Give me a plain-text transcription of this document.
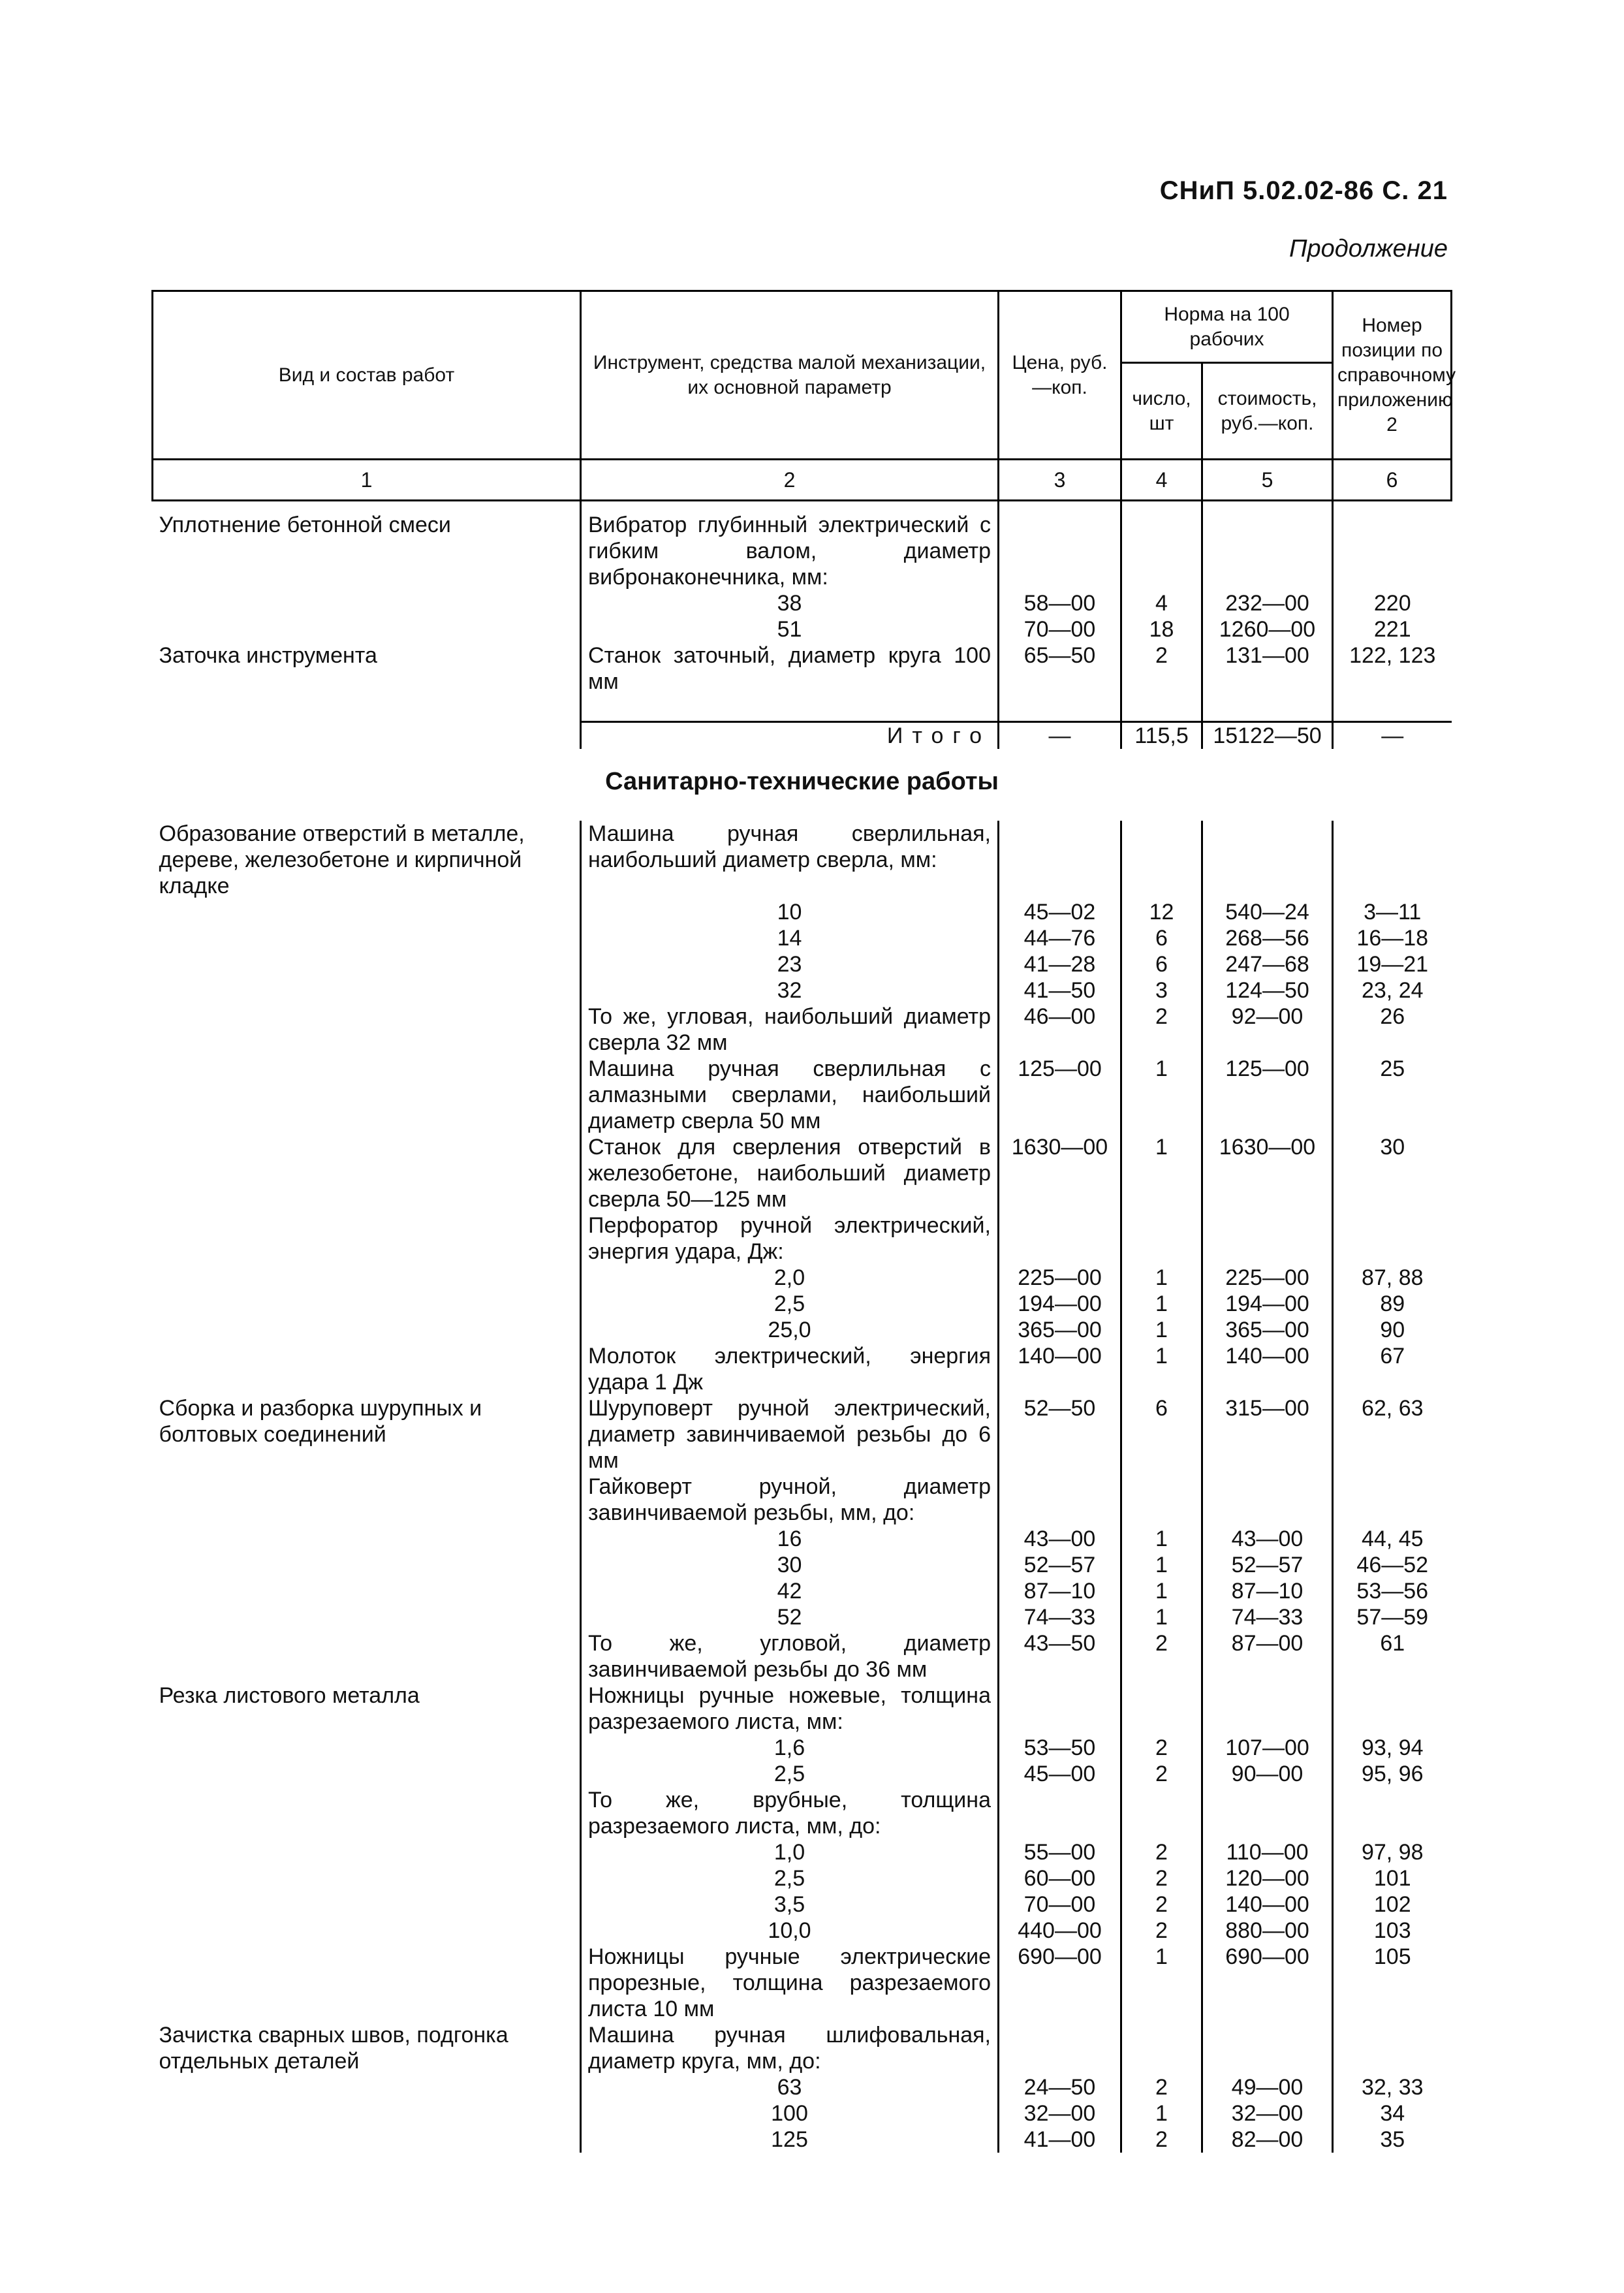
СНиП 5.02.02-86 С. 21
Продолжение
Вид и состав работ	Инструмент, средства малой механизации, их основной параметр	Цена, руб.—коп.	Норма на 100 рабочих		Номер позиции по справочному приложению 2
			число, шт	стоимость, руб.—коп.	
1	2	3	4	5	6
Уплотнение бетонной смеси	Вибратор глубинный электрический с гибким валом, диаметр вибронаконечника, мм:				

	38	58—00	4	232—00	220

	51	70—00	18	1260—00	221
Заточка инструмента	Станок заточный, диаметр круга 100 мм	65—50	2	131—00	122, 123

	Итого	—	115,5	15122—50	—
Санитарно-технические работы					
Образование отверстий в металле, дереве, железобетоне и кирпичной кладке	Машина ручная сверлильная, наибольший диаметр сверла, мм:				

	10	45—02	12	540—24	3—11

	14	44—76	6	268—56	16—18

	23	41—28	6	247—68	19—21

	32	41—50	3	124—50	23, 24
	То же, угловая, наибольший диаметр сверла 32 мм	46—00	2	92—00	26
	Машина ручная сверлильная с алмазными сверлами, наибольший диаметр сверла 50 мм	125—00	1	125—00	25
	Станок для сверления отверстий в железобетоне, наибольший диаметр сверла 50—125 мм	1630—00	1	1630—00	30
	Перфоратор ручной электрический, энергия удара, Дж:				

	2,0	225—00	1	225—00	87, 88

	2,5	194—00	1	194—00	89

	25,0	365—00	1	365—00	90
	Молоток электрический, энергия удара 1 Дж	140—00	1	140—00	67
Сборка и разборка шурупных и болтовых соединений	Шуруповерт ручной электрический, диаметр завинчиваемой резьбы до 6 мм	52—50	6	315—00	62, 63
	Гайковерт ручной, диаметр завинчиваемой резьбы, мм, до:				

	16	43—00	1	43—00	44, 45

	30	52—57	1	52—57	46—52

	42	87—10	1	87—10	53—56

	52	74—33	1	74—33	57—59
	То же, угловой, диаметр завинчиваемой резьбы до 36 мм	43—50	2	87—00	61
Резка листового металла	Ножницы ручные ножевые, толщина разрезаемого листа, мм:				

	1,6	53—50	2	107—00	93, 94

	2,5	45—00	2	90—00	95, 96
	То же, врубные, толщина разрезаемого листа, мм, до:				

	1,0	55—00	2	110—00	97, 98

	2,5	60—00	2	120—00	101

	3,5	70—00	2	140—00	102

	10,0	440—00	2	880—00	103
	Ножницы ручные электрические прорезные, толщина разрезаемого листа 10 мм	690—00	1	690—00	105
Зачистка сварных швов, подгонка отдельных деталей	Машина ручная шлифовальная, диаметр круга, мм, до:				

	63	24—50	2	49—00	32, 33

	100	32—00	1	32—00	34

	125	41—00	2	82—00	35
